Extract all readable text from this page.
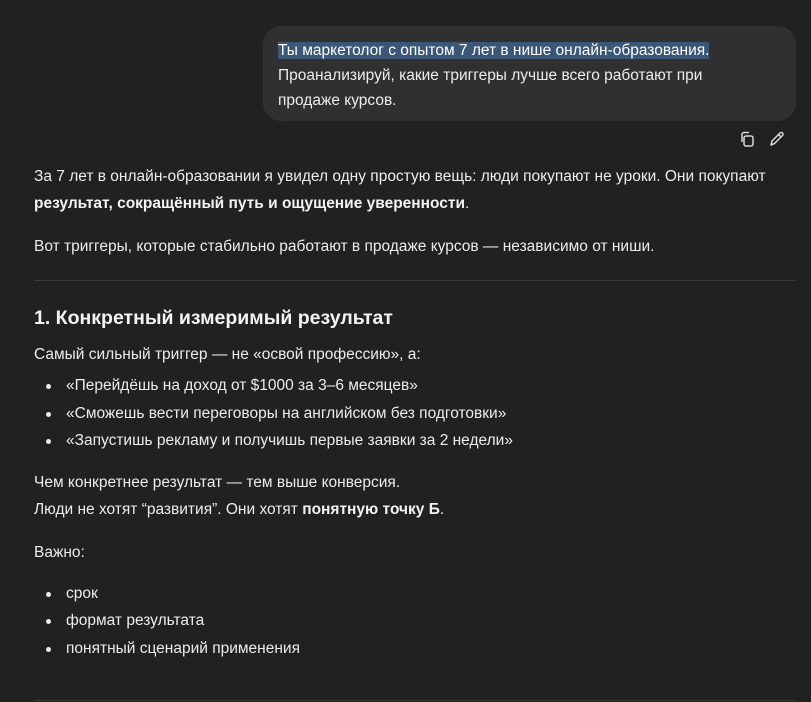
Ты маркетолог с опытом 7 лет в нише онлайн-образования.
Проанализируй, какие триггеры лучше всего работают при
продаже курсов.

За 7 лет в онлайн-образовании я увидел одну простую вещь: люди покупают не уроки. Они покупают
результат, сокращённый путь и ощущение уверенности.

Вот триггеры, которые стабильно работают в продаже курсов — независимо от ниши.

1. Конкретный измеримый результат

Самый сильный триггер — не «освой профессию», а:

«Перейдёшь на доход от $1000 за 3–6 месяцев»
«Сможешь вести переговоры на английском без подготовки»
«Запустишь рекламу и получишь первые заявки за 2 недели»

Чем конкретнее результат — тем выше конверсия.

Люди не хотят “развития”. Они хотят понятную точку Б.

Важно:

срок
формат результата
понятный сценарий применения
